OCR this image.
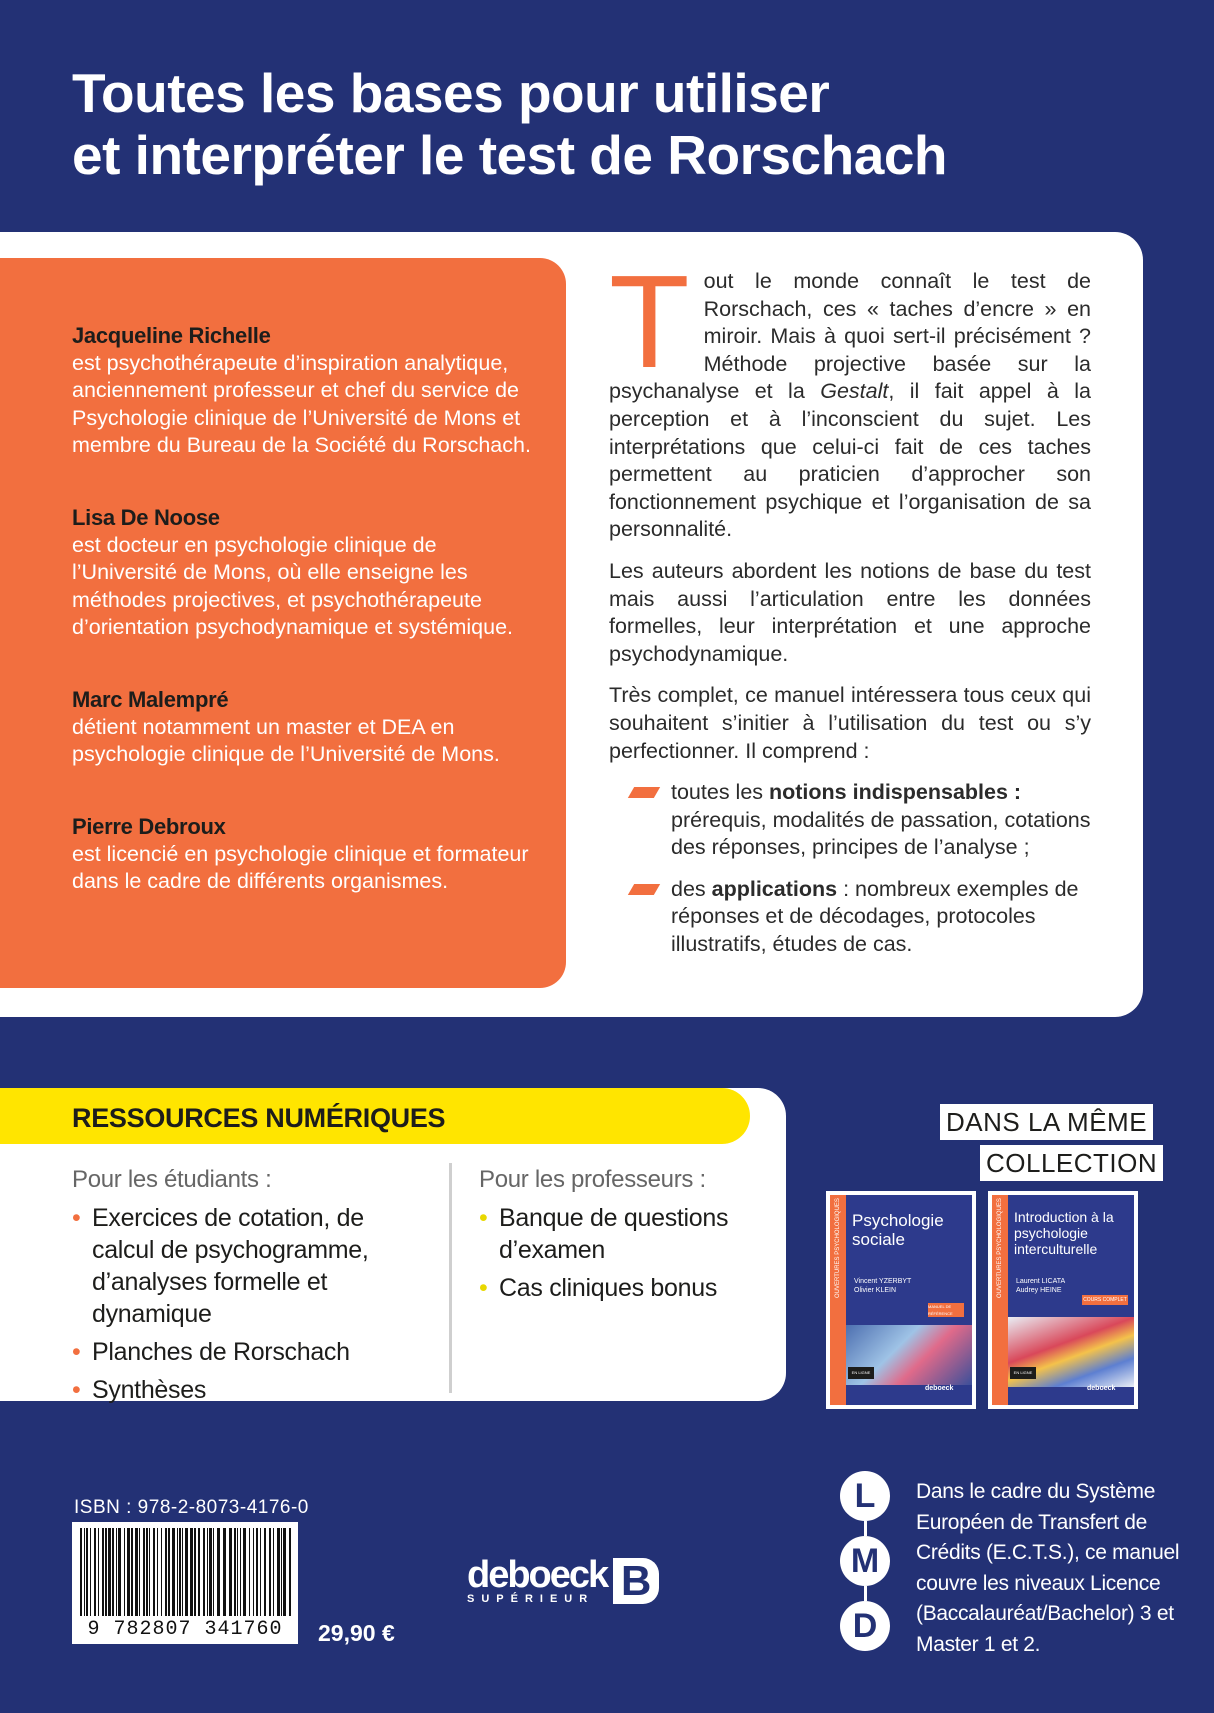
Toutes les bases pour utiliser
et interpréter le test de Rorschach
Jacqueline Richelle
est psychothérapeute d’inspiration analytique, anciennement professeur et chef du service de Psychologie clinique de l’Université de Mons et membre du Bureau de la Société du Rorschach.
Lisa De Noose
est docteur en psychologie clinique de l’Université de Mons, où elle enseigne les méthodes projectives, et psychothérapeute d’orientation psychodynamique et systémique.
Marc Malempré
détient notamment un master et DEA en psychologie clinique de l’Université de Mons.
Pierre Debroux
est licencié en psychologie clinique et formateur dans le cadre de différents organismes.

Tout le monde connaît le test de Rorschach, ces « taches d’encre » en miroir. Mais à quoi sert-il précisément ? Méthode projective basée sur la psychanalyse et la Gestalt, il fait appel à la perception et à l’inconscient du sujet. Les interprétations que celui-ci fait de ces taches permettent au praticien d’approcher son fonctionnement psychique et l’organisation de sa personnalité.

Les auteurs abordent les notions de base du test mais aussi l’articulation entre les données formelles, leur interprétation et une approche psychodynamique.

Très complet, ce manuel intéressera tous ceux qui souhaitent s’initier à l’utilisation du test ou s’y perfectionner. Il comprend :

toutes les notions indispensables :
prérequis, modalités de passation, cotations des réponses, principes de l’analyse ;
des applications : nombreux exemples de réponses et de décodages, protocoles illustratifs, études de cas.
RESSOURCES NUMÉRIQUES
Pour les étudiants :
• Exercices de cotation, de calcul de psychogramme, d’analyses formelle et dynamique
• Planches de Rorschach
• Synthèses
Pour les professeurs :
• Banque de questions d’examen
• Cas cliniques bonus
DANS LA MÊME
COLLECTION
OUVERTURES PSYCHOLOGIQUES Psychologie sociale
Vincent YZERBYT
Olivier KLEIN
MANUEL DE RÉFÉRENCE
EN LIGNE
deboeck
OUVERTURES PSYCHOLOGIQUES Introduction à la psychologie interculturelle
Laurent LICATA
Audrey HEINE
COURS COMPLET
EN LIGNE
deboeck
L
M
D
Dans le cadre du Système Européen de Transfert de Crédits (E.C.T.S.), ce manuel couvre les niveaux Licence (Baccalauréat/Bachelor) 3 et Master 1 et 2.
ISBN : 978-2-8073-4176-0
9 782807 341760	29,90 €
deboeck
SUPÉRIEUR B
